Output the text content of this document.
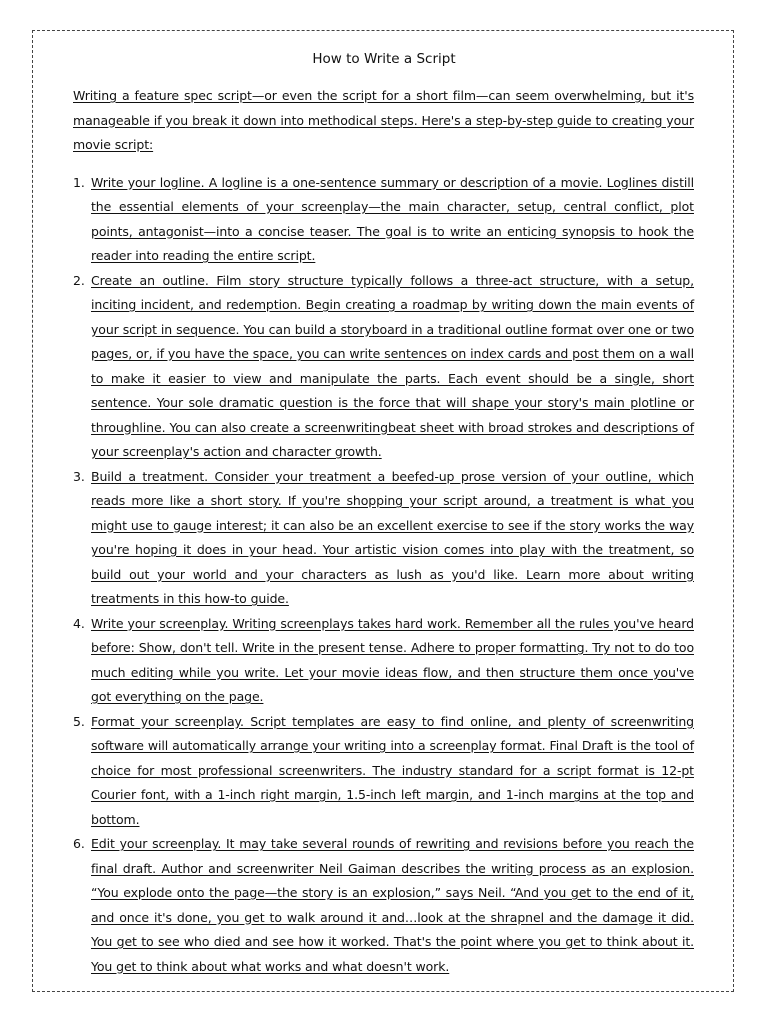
How to Write a Script

Writing a feature spec script—or even the script for a short film—can seem overwhelming, but it's manageable if you break it down into methodical steps. Here's a step-by-step guide to creating your movie script:

1. Write your logline. A logline is a one-sentence summary or description of a movie. Loglines distill the essential elements of your screenplay—the main character, setup, central conflict, plot points, antagonist—into a concise teaser. The goal is to write an enticing synopsis to hook the reader into reading the entire script.
2. Create an outline. Film story structure typically follows a three-act structure, with a setup, inciting incident, and redemption. Begin creating a roadmap by writing down the main events of your script in sequence. You can build a storyboard in a traditional outline format over one or two pages, or, if you have the space, you can write sentences on index cards and post them on a wall to make it easier to view and manipulate the parts. Each event should be a single, short sentence. Your sole dramatic question is the force that will shape your story's main plotline or throughline. You can also create a screenwritingbeat sheet with broad strokes and descriptions of your screenplay's action and character growth.
3. Build a treatment. Consider your treatment a beefed-up prose version of your outline, which reads more like a short story. If you're shopping your script around, a treatment is what you might use to gauge interest; it can also be an excellent exercise to see if the story works the way you're hoping it does in your head. Your artistic vision comes into play with the treatment, so build out your world and your characters as lush as you'd like. Learn more about writing treatments in this how-to guide.
4. Write your screenplay. Writing screenplays takes hard work. Remember all the rules you've heard before: Show, don't tell. Write in the present tense. Adhere to proper formatting. Try not to do too much editing while you write. Let your movie ideas flow, and then structure them once you've got everything on the page.
5. Format your screenplay. Script templates are easy to find online, and plenty of screenwriting software will automatically arrange your writing into a screenplay format. Final Draft is the tool of choice for most professional screenwriters. The industry standard for a script format is 12-pt Courier font, with a 1-inch right margin, 1.5-inch left margin, and 1-inch margins at the top and bottom.
6. Edit your screenplay. It may take several rounds of rewriting and revisions before you reach the final draft. Author and screenwriter Neil Gaiman describes the writing process as an explosion. “You explode onto the page—the story is an explosion,” says Neil. “And you get to the end of it, and once it's done, you get to walk around it and…look at the shrapnel and the damage it did. You get to see who died and see how it worked. That's the point where you get to think about it. You get to think about what works and what doesn't work.
